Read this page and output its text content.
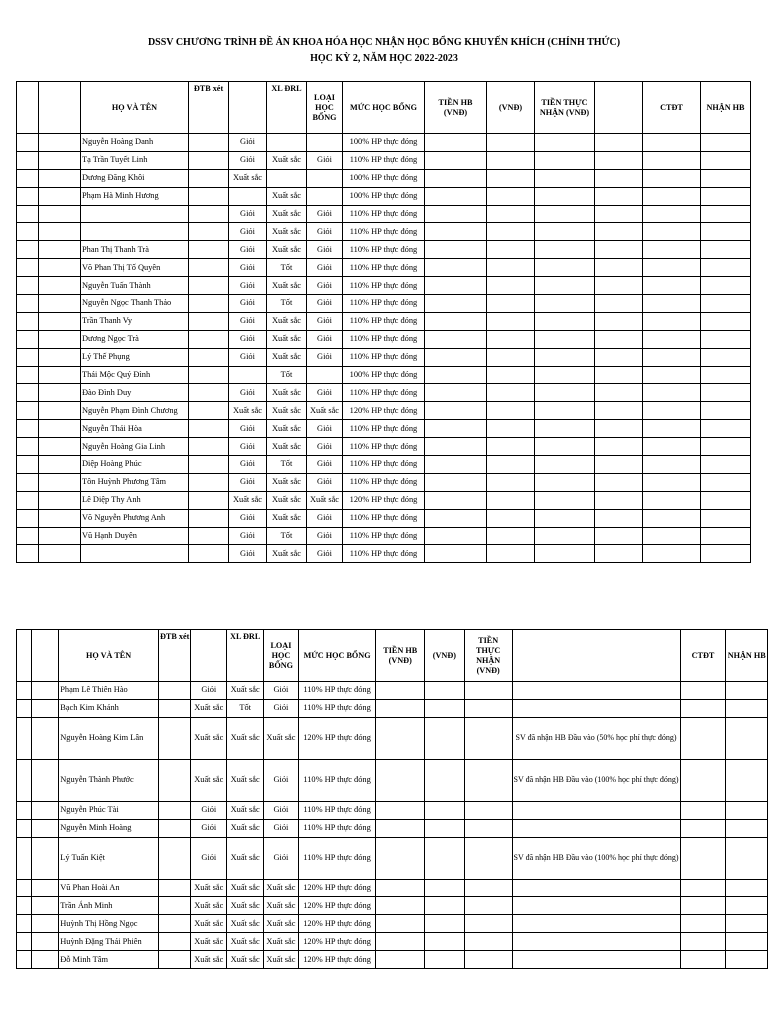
DSSV CHƯƠNG TRÌNH ĐỀ ÁN KHOA HÓA HỌC NHẬN HỌC BỔNG KHUYẾN KHÍCH (CHÍNH THỨC)
HỌC KỲ 2, NĂM HỌC 2022-2023
		HỌ VÀ TÊN	ĐTB xét		XL ĐRL	LOẠI HỌC BỔNG	MỨC HỌC BỔNG	TIỀN HB (VNĐ)	(VNĐ)	TIỀN THỰC NHẬN (VNĐ)		CTĐT	NHẬN HB
		Nguyễn Hoàng Danh		Giỏi			100% HP thực đóng						
		Tạ Trần Tuyết Linh		Giỏi	Xuất sắc	Giỏi	110% HP thực đóng						
		Dương Đăng Khôi		Xuất sắc			100% HP thực đóng						
		Phạm Hà Minh Hương			Xuất sắc		100% HP thực đóng						
				Giỏi	Xuất sắc	Giỏi	110% HP thực đóng						
				Giỏi	Xuất sắc	Giỏi	110% HP thực đóng						
		Phan Thị Thanh Trà		Giỏi	Xuất sắc	Giỏi	110% HP thực đóng						
		Võ Phan Thị Tố Quyên		Giỏi	Tốt	Giỏi	110% HP thực đóng						
		Nguyễn Tuấn Thành		Giỏi	Xuất sắc	Giỏi	110% HP thực đóng						
		Nguyễn Ngọc Thanh Thảo		Giỏi	Tốt	Giỏi	110% HP thực đóng						
		Trần Thanh Vy		Giỏi	Xuất sắc	Giỏi	110% HP thực đóng						
		Dương Ngọc Trà		Giỏi	Xuất sắc	Giỏi	110% HP thực đóng						
		Lý Thế Phụng		Giỏi	Xuất sắc	Giỏi	110% HP thực đóng						
		Thái Mộc Quý Đình			Tốt		100% HP thực đóng						
		Đào Đình Duy		Giỏi	Xuất sắc	Giỏi	110% HP thực đóng						
		Nguyễn Phạm Đình Chương		Xuất sắc	Xuất sắc	Xuất sắc	120% HP thực đóng						
		Nguyễn Thái Hòa		Giỏi	Xuất sắc	Giỏi	110% HP thực đóng						
		Nguyễn Hoàng Gia Linh		Giỏi	Xuất sắc	Giỏi	110% HP thực đóng						
		Diệp Hoàng Phúc		Giỏi	Tốt	Giỏi	110% HP thực đóng						
		Tôn Huỳnh Phương Tâm		Giỏi	Xuất sắc	Giỏi	110% HP thực đóng						
		Lê Diệp Thy Anh		Xuất sắc	Xuất sắc	Xuất sắc	120% HP thực đóng						
		Võ Nguyễn Phương Anh		Giỏi	Xuất sắc	Giỏi	110% HP thực đóng						
		Vũ Hạnh Duyên		Giỏi	Tốt	Giỏi	110% HP thực đóng						
				Giỏi	Xuất sắc	Giỏi	110% HP thực đóng						
		HỌ VÀ TÊN	ĐTB xét		XL ĐRL	LOẠI HỌC BỔNG	MỨC HỌC BỔNG	TIỀN HB (VNĐ)	(VNĐ)	TIỀN THỰC NHẬN (VNĐ)		CTĐT	NHẬN HB
		Phạm Lê Thiên Hào		Giỏi	Xuất sắc	Giỏi	110% HP thực đóng						
		Bạch Kim Khánh		Xuất sắc	Tốt	Giỏi	110% HP thực đóng						
		Nguyễn Hoàng Kim Lân		Xuất sắc	Xuất sắc	Xuất sắc	120% HP thực đóng				SV đã nhận HB Đầu vào (50% học phí thực đóng)		
		Nguyễn Thành Phước		Xuất sắc	Xuất sắc	Giỏi	110% HP thực đóng				SV đã nhận HB Đầu vào (100% học phí thực đóng)		
		Nguyễn Phúc Tài		Giỏi	Xuất sắc	Giỏi	110% HP thực đóng						
		Nguyễn Minh Hoàng		Giỏi	Xuất sắc	Giỏi	110% HP thực đóng						
		Lý Tuấn Kiệt		Giỏi	Xuất sắc	Giỏi	110% HP thực đóng				SV đã nhận HB Đầu vào (100% học phí thực đóng)		
		Vũ Phan Hoài An		Xuất sắc	Xuất sắc	Xuất sắc	120% HP thực đóng						
		Trần Ánh Minh		Xuất sắc	Xuất sắc	Xuất sắc	120% HP thực đóng						
		Huỳnh Thị Hồng Ngọc		Xuất sắc	Xuất sắc	Xuất sắc	120% HP thực đóng						
		Huỳnh Đặng Thái Phiên		Xuất sắc	Xuất sắc	Xuất sắc	120% HP thực đóng						
		Đỗ Minh Tâm		Xuất sắc	Xuất sắc	Xuất sắc	120% HP thực đóng						
